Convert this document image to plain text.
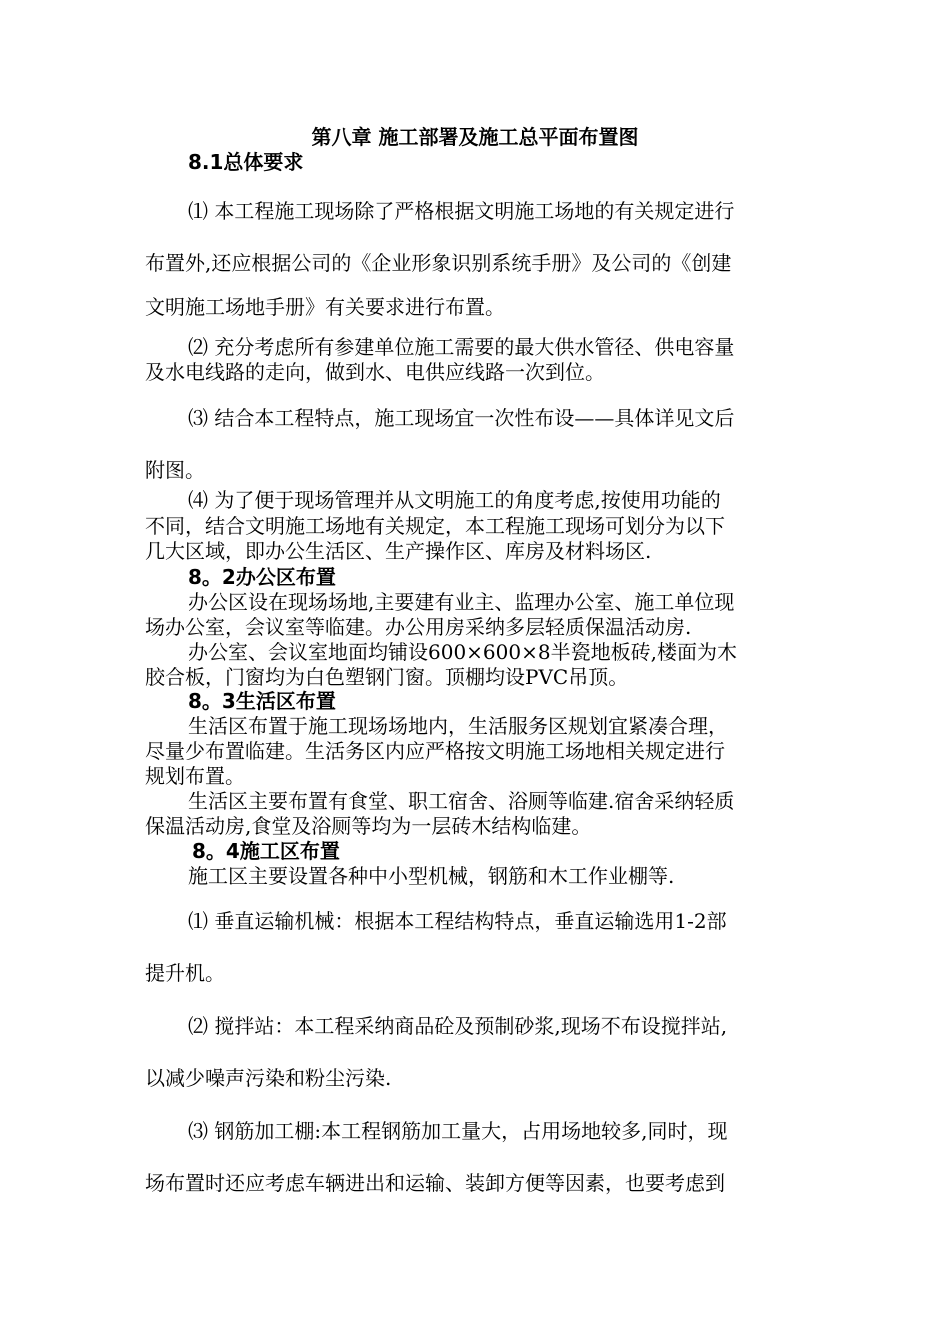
第八章 施工部署及施工总平面布置图

8.1总体要求

⑴ 本工程施工现场除了严格根据文明施工场地的有关规定进行

布置外,还应根据公司的《企业形象识别系统手册》及公司的《创建

文明施工场地手册》有关要求进行布置。

⑵ 充分考虑所有参建单位施工需要的最大供水管径、供电容量

及水电线路的走向，做到水、电供应线路一次到位。

⑶ 结合本工程特点，施工现场宜一次性布设——具体详见文后

附图。

⑷ 为了便于现场管理并从文明施工的角度考虑,按使用功能的

不同，结合文明施工场地有关规定，本工程施工现场可划分为以下

几大区域，即办公生活区、生产操作区、库房及材料场区.

8。2办公区布置

办公区设在现场场地,主要建有业主、监理办公室、施工单位现

场办公室，会议室等临建。办公用房采纳多层轻质保温活动房.

办公室、会议室地面均铺设600×600×8半瓷地板砖,楼面为木

胶合板，门窗均为白色塑钢门窗。顶棚均设PVC吊顶。

8。3生活区布置

生活区布置于施工现场场地内，生活服务区规划宜紧凑合理，

尽量少布置临建。生活务区内应严格按文明施工场地相关规定进行

规划布置。

生活区主要布置有食堂、职工宿舍、浴厕等临建.宿舍采纳轻质

保温活动房,食堂及浴厕等均为一层砖木结构临建。

8。4施工区布置

施工区主要设置各种中小型机械，钢筋和木工作业棚等.

⑴ 垂直运输机械：根据本工程结构特点，垂直运输选用1-2部

提升机。

⑵ 搅拌站：本工程采纳商品砼及预制砂浆,现场不布设搅拌站,

以减少噪声污染和粉尘污染.

⑶ 钢筋加工棚:本工程钢筋加工量大，占用场地较多,同时，现

场布置时还应考虑车辆进出和运输、装卸方便等因素，也要考虑到
